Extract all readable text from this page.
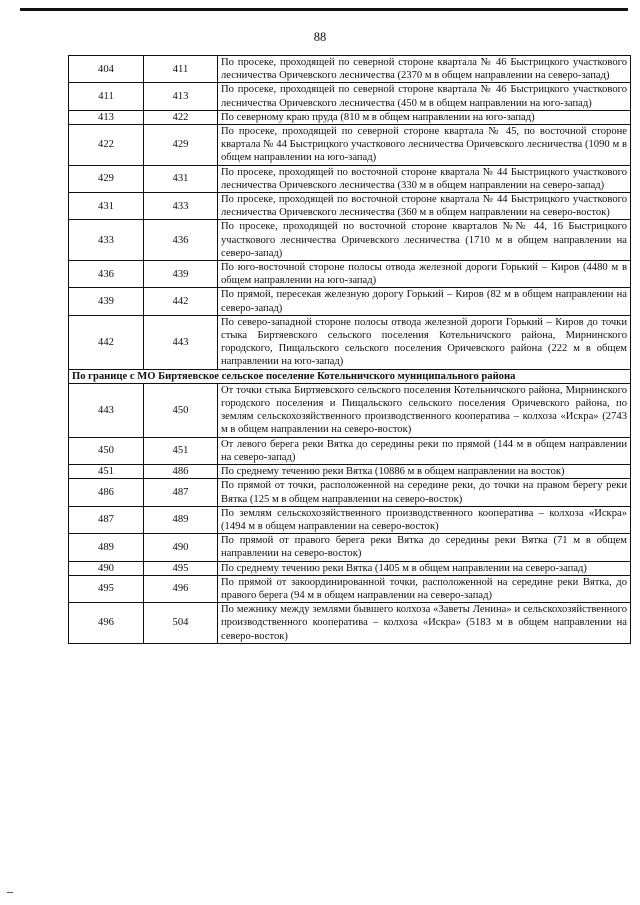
88
404	411	По просеке, проходящей по северной стороне квартала № 46 Быстрицкого участкового лесничества Оричевского лесничества (2370 м в общем направлении на северо-запад)
411	413	По просеке, проходящей по северной стороне квартала № 46 Быстрицкого участкового лесничества Оричевского лесничества (450 м в общем направлении на юго-запад)
413	422	По северному краю пруда (810 м в общем направлении на юго-запад)
422	429	По просеке, проходящей по северной стороне квартала № 45, по восточной стороне квартала № 44 Быстрицкого участкового лесничества Оричевского лесничества (1090 м в общем направлении на юго-запад)
429	431	По просеке, проходящей по восточной стороне квартала № 44 Быстрицкого участкового лесничества Оричевского лесничества (330 м в общем направлении на северо-запад)
431	433	По просеке, проходящей по восточной стороне квартала № 44 Быстрицкого участкового лесничества Оричевского лесничества (360 м в общем направлении на северо-восток)
433	436	По просеке, проходящей по восточной стороне кварталов №№ 44, 16 Быстрицкого участкового лесничества Оричевского лесничества (1710 м в общем направлении на северо-запад)
436	439	По юго-восточной стороне полосы отвода железной дороги Горький – Киров (4480 м в общем направлении на юго-запад)
439	442	По прямой, пересекая железную дорогу Горький – Киров (82 м в общем направлении на северо-запад)
442	443	По северо-западной стороне полосы отвода железной дороги Горький – Киров до точки стыка Биртяевского сельского поселения Котельничского района, Мирнинского городского, Пищальского сельского поселения Оричевского района (222 м в общем направлении на юго-запад)
По границе с МО Биртяевское сельское поселение Котельничского муниципального района		
443	450	От точки стыка Биртяевского сельского поселения Котельничского района, Мирнинского городского поселения и Пищальского сельского поселения Оричевского района, по землям сельскохозяйственного производственного кооператива – колхоза «Искра» (2743 м в общем направлении на северо-восток)
450	451	От левого берега реки Вятка до середины реки по прямой (144 м в общем направлении на северо-запад)
451	486	По среднему течению реки Вятка (10886 м в общем направлении на восток)
486	487	По прямой от точки, расположенной на середине реки, до точки на правом берегу реки Вятка (125 м в общем направлении на северо-восток)
487	489	По землям сельскохозяйственного производственного кооператива – колхоза «Искра» (1494 м в общем направлении на северо-восток)
489	490	По прямой от правого берега реки Вятка до середины реки Вятка (71 м в общем направлении на северо-восток)
490	495	По среднему течению реки Вятка (1405 м в общем направлении на северо-запад)
495	496	По прямой от закоординированной точки, расположенной на середине реки Вятка, до правого берега (94 м в общем направлении на северо-запад)
496	504	По межнику между землями бывшего колхоза «Заветы Ленина» и сельскохозяйственного производственного кооператива – колхоза «Искра» (5183 м в общем направлении на северо-восток)
